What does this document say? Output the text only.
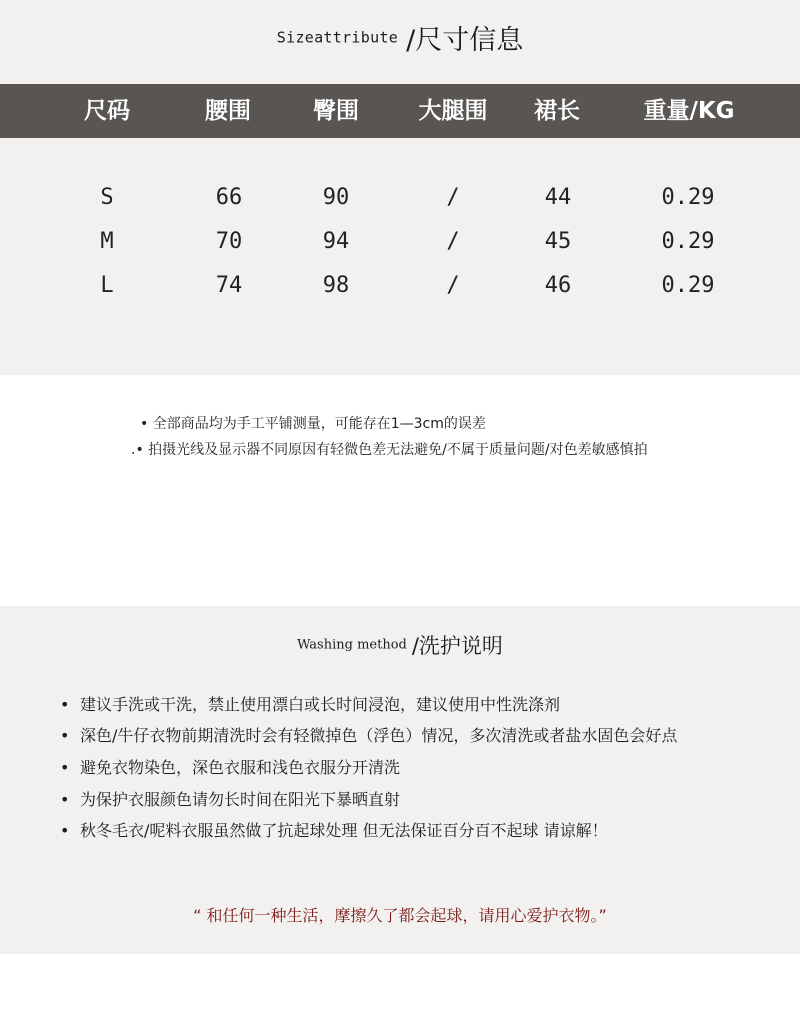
Sizeattribute /尺寸信息
尺码	腰围	臀围	大腿围	裙长	重量/KG
S	66	90	/	44	0.29
M	70	94	/	45	0.29
L	74	98	/	46	0.29
• 全部商品均为手工平铺测量，可能存在1—3cm的误差
.• 拍摄光线及显示器不同原因有轻微色差无法避免/不属于质量问题/对色差敏感慎拍
Washing method /洗护说明
• 建议手洗或干洗，禁止使用漂白或长时间浸泡，建议使用中性洗涤剂
• 深色/牛仔衣物前期清洗时会有轻微掉色（浮色）情况，多次清洗或者盐水固色会好点
• 避免衣物染色，深色衣服和浅色衣服分开清洗
• 为保护衣服颜色请勿长时间在阳光下暴晒直射
• 秋冬毛衣/呢料衣服虽然做了抗起球处理 但无法保证百分百不起球 请谅解！
“ 和任何一种生活，摩擦久了都会起球，请用心爱护衣物。”
